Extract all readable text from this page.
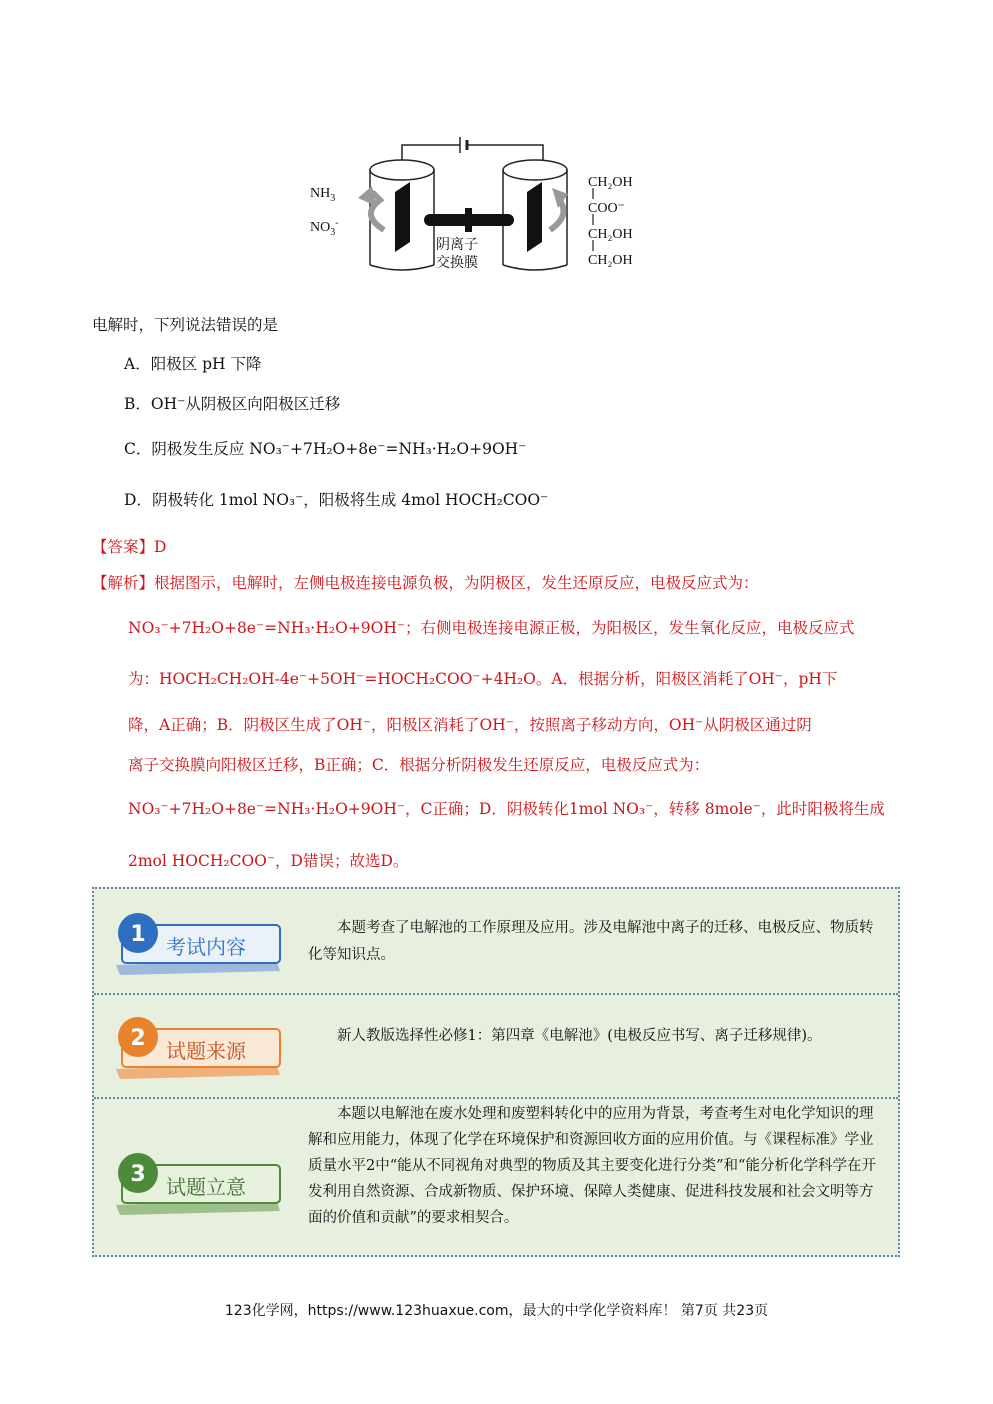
$NH_3$
$NO_3^-$
阴离子
交换膜
CH₂OH
COO⁻
CH₂OH
CH₂OH
电解时，下列说法错误的是
A．阳极区 pH 下降
B．OH⁻从阴极区向阳极区迁移
C．阴极发生反应 NO₃⁻+7H₂O+8e⁻=NH₃·H₂O+9OH⁻
D．阴极转化 1mol NO₃⁻，阳极将生成 4mol HOCH₂COO⁻
【答案】D
【解析】根据图示，电解时，左侧电极连接电源负极，为阴极区，发生还原反应，电极反应式为：
NO₃⁻+7H₂O+8e⁻=NH₃·H₂O+9OH⁻；右侧电极连接电源正极，为阳极区，发生氧化反应，电极反应式
为：HOCH₂CH₂OH-4e⁻+5OH⁻=HOCH₂COO⁻+4H₂O。A．根据分析，阳极区消耗了OH⁻，pH下
降，A正确；B．阴极区生成了OH⁻，阳极区消耗了OH⁻，按照离子移动方向，OH⁻从阴极区通过阴
离子交换膜向阳极区迁移，B正确；C．根据分析阴极发生还原反应，电极反应式为：
NO₃⁻+7H₂O+8e⁻=NH₃·H₂O+9OH⁻，C正确；D．阴极转化1mol NO₃⁻，转移 8mole⁻，此时阳极将生成
2mol HOCH₂COO⁻，D错误；故选D。
1 考试内容
本题考查了电解池的工作原理及应用。涉及电解池中离子的迁移、电极反应、物质转化等知识点。
2 试题来源
新人教版选择性必修1：第四章《电解池》(电极反应书写、离子迁移规律)。
3 试题立意
本题以电解池在废水处理和废塑料转化中的应用为背景，考查考生对电化学知识的理解和应用能力，体现了化学在环境保护和资源回收方面的应用价值。与《课程标准》学业质量水平2中“能从不同视角对典型的物质及其主要变化进行分类”和“能分析化学科学在开发利用自然资源、合成新物质、保护环境、保障人类健康、促进科技发展和社会文明等方面的价值和贡献”的要求相契合。
123化学网，https://www.123huaxue.com，最大的中学化学资料库！ 第7页 共23页
